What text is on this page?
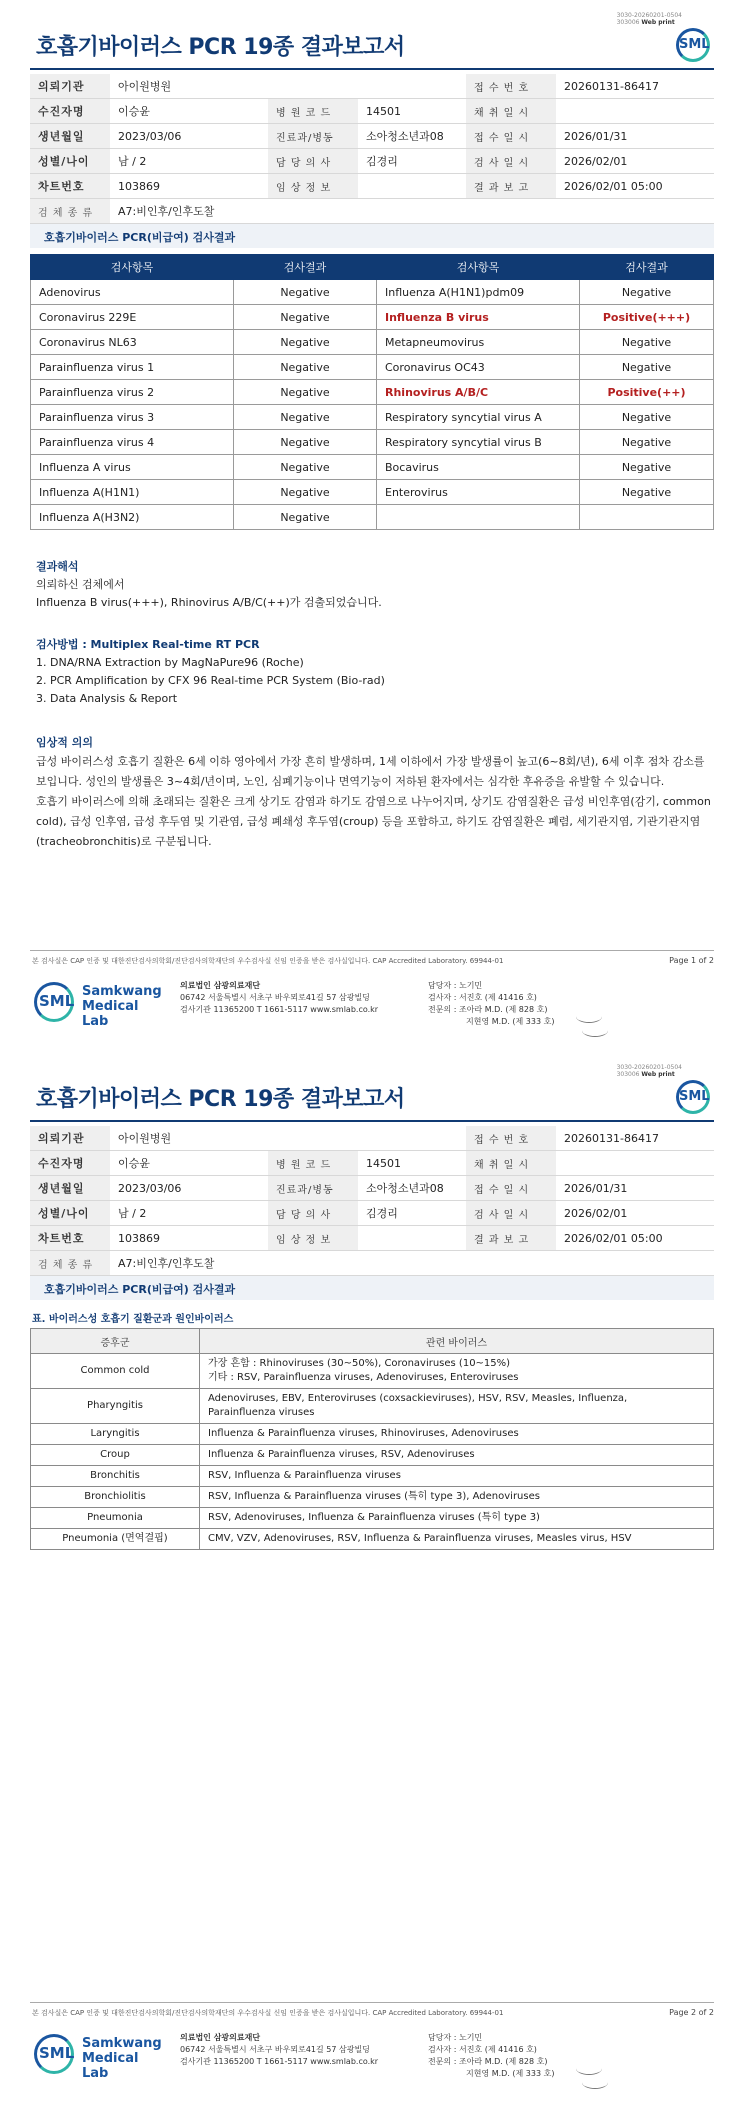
3030-20260201-0504
303006 Web print
호흡기바이러스 PCR 19종 결과보고서	SML
의뢰기관	아이원병원			접 수 번 호	20260131-86417
수진자명	이승윤	병 원 코 드	14501	채 취 일 시	
생년월일	2023/03/06	진료과/병동	소아청소년과08	접 수 일 시	2026/01/31
성별/나이	남 / 2	담 당 의 사	김경리	검 사 일 시	2026/02/01
차트번호	103869	임 상 정 보		결 과 보 고	2026/02/01 05:00
검 체 종 류	A7:비인후/인후도찰				
호흡기바이러스 PCR(비급여) 검사결과
검사항목	검사결과	검사항목	검사결과
Adenovirus	Negative	Influenza A(H1N1)pdm09	Negative
Coronavirus 229E	Negative	Influenza B virus	Positive(+++)
Coronavirus NL63	Negative	Metapneumovirus	Negative
Parainfluenza virus 1	Negative	Coronavirus OC43	Negative
Parainfluenza virus 2	Negative	Rhinovirus A/B/C	Positive(++)
Parainfluenza virus 3	Negative	Respiratory syncytial virus A	Negative
Parainfluenza virus 4	Negative	Respiratory syncytial virus B	Negative
Influenza A virus	Negative	Bocavirus	Negative
Influenza A(H1N1)	Negative	Enterovirus	Negative
Influenza A(H3N2)	Negative		
결과해석
의뢰하신 검체에서
Influenza B virus(+++), Rhinovirus A/B/C(++)가 검출되었습니다.
검사방법 : Multiplex Real-time RT PCR
1. DNA/RNA Extraction by MagNaPure96 (Roche)
2. PCR Amplification by CFX 96 Real-time PCR System (Bio-rad)
3. Data Analysis & Report
임상적 의의
급성 바이러스성 호흡기 질환은 6세 이하 영아에서 가장 흔히 발생하며, 1세 이하에서 가장 발생률이 높고(6~8회/년), 6세 이후 점차 감소를 보입니다. 성인의 발생률은 3~4회/년이며, 노인, 심폐기능이나 면역기능이 저하된 환자에서는 심각한 후유증을 유발할 수 있습니다.
호흡기 바이러스에 의해 초래되는 질환은 크게 상기도 감염과 하기도 감염으로 나누어지며, 상기도 감염질환은 급성 비인후염(감기, common cold), 급성 인후염, 급성 후두염 및 기관염, 급성 폐쇄성 후두염(croup) 등을 포함하고, 하기도 감염질환은 폐렴, 세기관지염, 기관기관지염(tracheobronchitis)로 구분됩니다.
본 검사실은 CAP 인증 및 대한진단검사의학회/진단검사의학재단의 우수검사실 신임 인증을 받은 검사실입니다. CAP Accredited Laboratory. 69944-01	Page 1 of 2
SML
Samkwang
Medical Lab
의료법인 삼광의료재단
06742 서울특별시 서초구 바우뫼로41길 57 삼광빌딩
검사기관 11365200 T 1661-5117 www.smlab.co.kr
담당자 : 노기민
검사자 : 서진호 (제 41416 호)
전문의 : 조아라 M.D. (제 828 호)
지현영 M.D. (제 333 호)
3030-20260201-0504
303006 Web print
호흡기바이러스 PCR 19종 결과보고서	SML
의뢰기관	아이원병원			접 수 번 호	20260131-86417
수진자명	이승윤	병 원 코 드	14501	채 취 일 시	
생년월일	2023/03/06	진료과/병동	소아청소년과08	접 수 일 시	2026/01/31
성별/나이	남 / 2	담 당 의 사	김경리	검 사 일 시	2026/02/01
차트번호	103869	임 상 정 보		결 과 보 고	2026/02/01 05:00
검 체 종 류	A7:비인후/인후도찰				
호흡기바이러스 PCR(비급여) 검사결과
표. 바이러스성 호흡기 질환군과 원인바이러스
증후군	관련 바이러스
Common cold	가장 흔함 : Rhinoviruses (30~50%), Coronaviruses (10~15%)
기타 : RSV, Parainfluenza viruses, Adenoviruses, Enteroviruses

Pharyngitis	Adenoviruses, EBV, Enteroviruses (coxsackieviruses), HSV, RSV, Measles, Influenza,
Parainfluenza viruses

Laryngitis	Influenza & Parainfluenza viruses, Rhinoviruses, Adenoviruses

Croup	Influenza & Parainfluenza viruses, RSV, Adenoviruses

Bronchitis	RSV, Influenza & Parainfluenza viruses

Bronchiolitis	RSV, Influenza & Parainfluenza viruses (특히 type 3), Adenoviruses

Pneumonia	RSV, Adenoviruses, Influenza & Parainfluenza viruses (특히 type 3)

Pneumonia (면역결핍)	CMV, VZV, Adenoviruses, RSV, Influenza & Parainfluenza viruses, Measles virus, HSV
본 검사실은 CAP 인증 및 대한진단검사의학회/진단검사의학재단의 우수검사실 신임 인증을 받은 검사실입니다. CAP Accredited Laboratory. 69944-01	Page 2 of 2
SML
Samkwang
Medical Lab
의료법인 삼광의료재단
06742 서울특별시 서초구 바우뫼로41길 57 삼광빌딩
검사기관 11365200 T 1661-5117 www.smlab.co.kr
담당자 : 노기민
검사자 : 서진호 (제 41416 호)
전문의 : 조아라 M.D. (제 828 호)
지현영 M.D. (제 333 호)
